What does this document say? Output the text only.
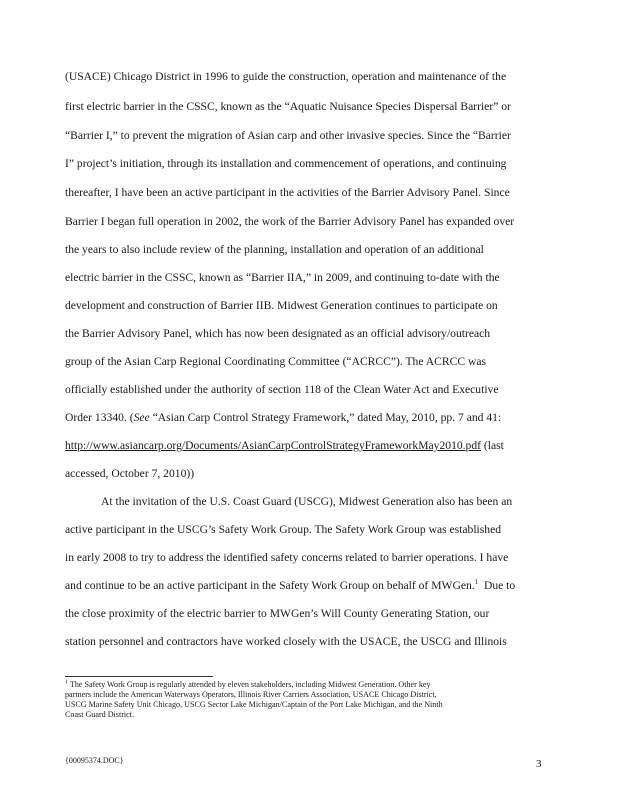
(USACE) Chicago District in 1996 to guide the construction, operation and maintenance of the
first electric barrier in the CSSC, known as the “Aquatic Nuisance Species Dispersal Barrier” or
“Barrier I,” to prevent the migration of Asian carp and other invasive species. Since the “Barrier
I” project’s initiation, through its installation and commencement of operations, and continuing
thereafter, I have been an active participant in the activities of the Barrier Advisory Panel. Since
Barrier I began full operation in 2002, the work of the Barrier Advisory Panel has expanded over
the years to also include review of the planning, installation and operation of an additional
electric barrier in the CSSC, known as “Barrier IIA,” in 2009, and continuing to-date with the
development and construction of Barrier IIB. Midwest Generation continues to participate on
the Barrier Advisory Panel, which has now been designated as an official advisory/outreach
group of the Asian Carp Regional Coordinating Committee (“ACRCC”). The ACRCC was
officially established under the authority of section 118 of the Clean Water Act and Executive
Order 13340. (See “Asian Carp Control Strategy Framework,” dated May, 2010, pp. 7 and 41:
http://www.asiancarp.org/Documents/AsianCarpControlStrategyFrameworkMay2010.pdf (last
accessed, October 7, 2010))
At the invitation of the U.S. Coast Guard (USCG), Midwest Generation also has been an
active participant in the USCG’s Safety Work Group. The Safety Work Group was established
in early 2008 to try to address the identified safety concerns related to barrier operations. I have
and continue to be an active participant in the Safety Work Group on behalf of MWGen.$^1$ Due to
the close proximity of the electric barrier to MWGen’s Will County Generating Station, our
station personnel and contractors have worked closely with the USACE, the USCG and Illinois
$^1$ The Safety Work Group is regularly attended by eleven stakeholders, including Midwest Generation. Other key
partners include the American Waterways Operators, Illinois River Carriers Association, USACE Chicago District,
USCG Marine Safety Unit Chicago, USCG Sector Lake Michigan/Captain of the Port Lake Michigan, and the Ninth
Coast Guard District.
{00095374.DOC}	3
